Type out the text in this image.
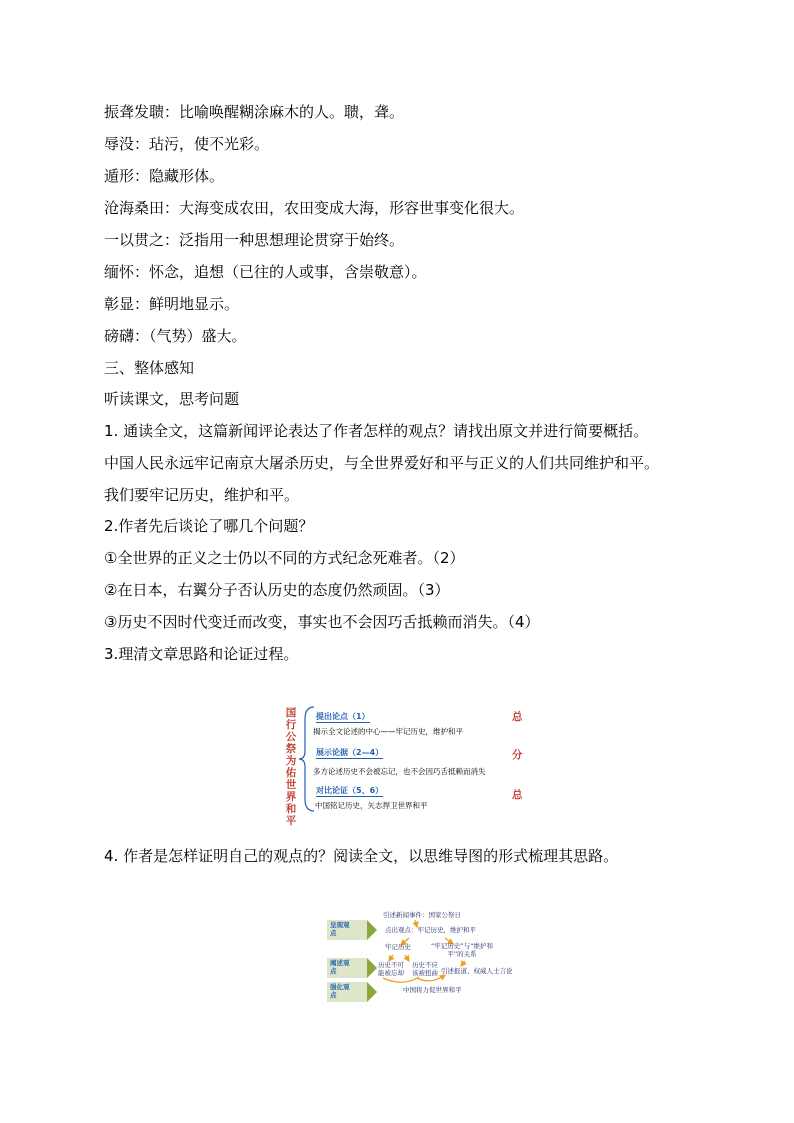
振聋发聩：比喻唤醒糊涂麻木的人。聩，聋。
辱没：玷污，使不光彩。
遁形：隐藏形体。
沧海桑田：大海变成农田，农田变成大海，形容世事变化很大。
一以贯之：泛指用一种思想理论贯穿于始终。
缅怀：怀念，追想（已往的人或事，含崇敬意）。
彰显：鲜明地显示。
磅礴：（气势）盛大。
三、整体感知
听读课文，思考问题
1. 通读全文，这篇新闻评论表达了作者怎样的观点？请找出原文并进行简要概括。
中国人民永远牢记南京大屠杀历史，与全世界爱好和平与正义的人们共同维护和平。
我们要牢记历史，维护和平。
2.作者先后谈论了哪几个问题？
①全世界的正义之士仍以不同的方式纪念死难者。（2）
②在日本，右翼分子否认历史的态度仍然顽固。（3）
③历史不因时代变迁而改变，事实也不会因巧舌抵赖而消失。（4）
3.理清文章思路和论证过程。
4. 作者是怎样证明自己的观点的？阅读全文，以思维导图的形式梳理其思路。
国行公祭为佑世界和平
提出论点（1）
揭示全文论述的中心——牢记历史，维护和平
总
展示论据（2—4）
多方论述历史不会被忘记，也不会因巧舌抵赖而消失
分
对比论证（5、6）
中国铭记历史，矢志捍卫世界和平
总
呈现观点
阐述观点
强化观点
引述新闻事件：国家公祭日
点出观点：牢记历史，维护和平
牢记历史	“牢记历史”与“维护和平”的关系
历史不可能被忘却
历史不应该被扭曲 引述报道、权威人士言论
中国将力促世界和平
